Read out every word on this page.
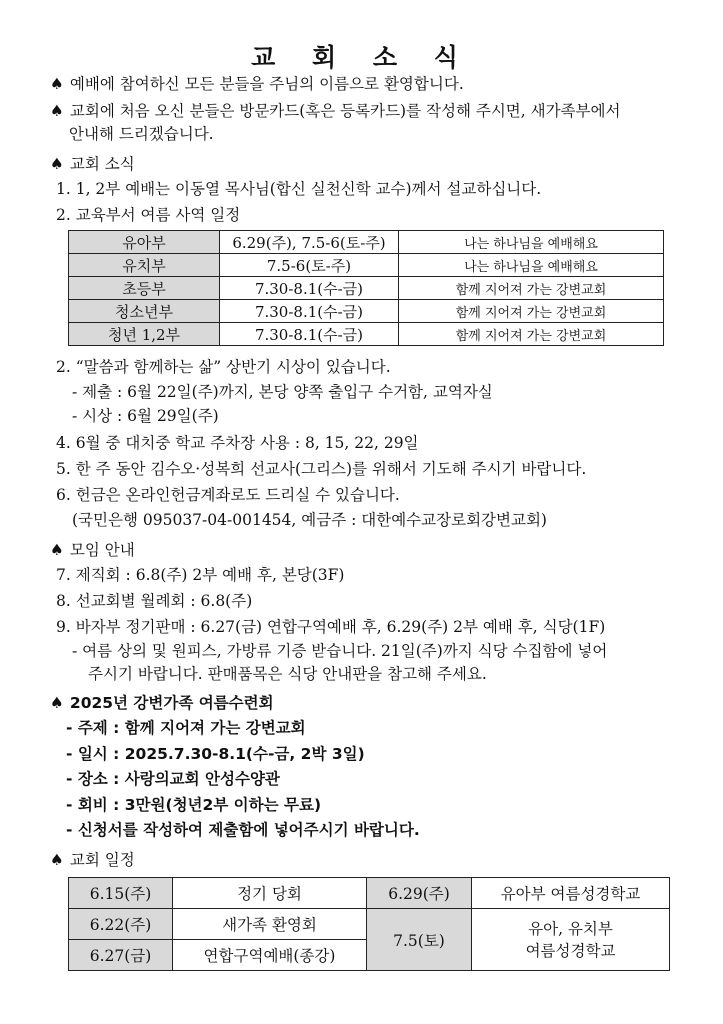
교 회 소 식
♠ 예배에 참여하신 모든 분들을 주님의 이름으로 환영합니다.
♠ 교회에 처음 오신 분들은 방문카드(혹은 등록카드)를 작성해 주시면, 새가족부에서
안내해 드리겠습니다.
♠ 교회 소식
1. 1, 2부 예배는 이동열 목사님(합신 실천신학 교수)께서 설교하십니다.
2. 교육부서 여름 사역 일정
유아부	6.29(주), 7.5-6(토-주)	나는 하나님을 예배해요
유치부	7.5-6(토-주)	나는 하나님을 예배해요
초등부	7.30-8.1(수-금)	함께 지어져 가는 강변교회
청소년부	7.30-8.1(수-금)	함께 지어져 가는 강변교회
청년 1,2부	7.30-8.1(수-금)	함께 지어져 가는 강변교회
2. “말씀과 함께하는 삶” 상반기 시상이 있습니다.
- 제출 : 6월 22일(주)까지, 본당 양쪽 출입구 수거함, 교역자실
- 시상 : 6월 29일(주)
4. 6월 중 대치중 학교 주차장 사용 : 8, 15, 22, 29일
5. 한 주 동안 김수오·성복희 선교사(그리스)를 위해서 기도해 주시기 바랍니다.
6. 헌금은 온라인헌금계좌로도 드리실 수 있습니다.
(국민은행 095037-04-001454, 예금주 : 대한예수교장로회강변교회)
♠ 모임 안내
7. 제직회 : 6.8(주) 2부 예배 후, 본당(3F)
8. 선교회별 월례회 : 6.8(주)
9. 바자부 정기판매 : 6.27(금) 연합구역예배 후, 6.29(주) 2부 예배 후, 식당(1F)
- 여름 상의 및 원피스, 가방류 기증 받습니다. 21일(주)까지 식당 수집함에 넣어
주시기 바랍니다. 판매품목은 식당 안내판을 참고해 주세요.
♠ 2025년 강변가족 여름수련회
- 주제 : 함께 지어져 가는 강변교회
- 일시 : 2025.7.30-8.1(수-금, 2박 3일)
- 장소 : 사랑의교회 안성수양관
- 회비 : 3만원(청년2부 이하는 무료)
- 신청서를 작성하여 제출함에 넣어주시기 바랍니다.
♠ 교회 일정
6.15(주)	정기 당회	6.29(주)	유아부 여름성경학교
6.22(주)	새가족 환영회	7.5(토)	유아, 유치부
여름성경학교

6.27(금)	연합구역예배(종강)		
